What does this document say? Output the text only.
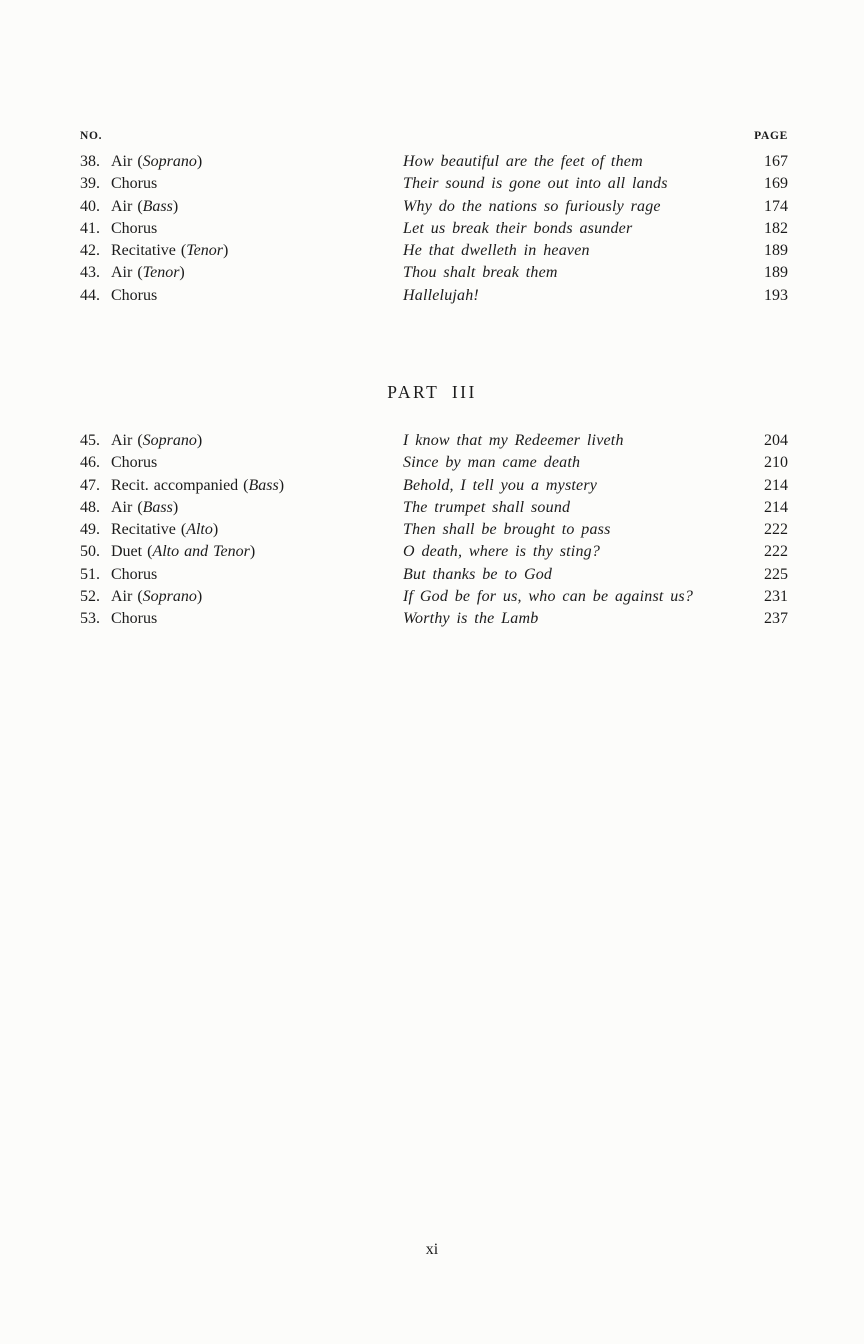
NO.	PAGE
38. Air (Soprano)	How beautiful are the feet of them	167
39. Chorus	Their sound is gone out into all lands	169
40. Air (Bass)	Why do the nations so furiously rage	174
41. Chorus	Let us break their bonds asunder	182
42. Recitative (Tenor)	He that dwelleth in heaven	189
43. Air (Tenor)	Thou shalt break them	189
44. Chorus	Hallelujah!	193
PART III
45. Air (Soprano)	I know that my Redeemer liveth	204
46. Chorus	Since by man came death	210
47. Recit. accompanied (Bass)	Behold, I tell you a mystery	214
48. Air (Bass)	The trumpet shall sound	214
49. Recitative (Alto)	Then shall be brought to pass	222
50. Duet (Alto and Tenor)	O death, where is thy sting?	222
51. Chorus	But thanks be to God	225
52. Air (Soprano)	If God be for us, who can be against us?	231
53. Chorus	Worthy is the Lamb	237
xi
